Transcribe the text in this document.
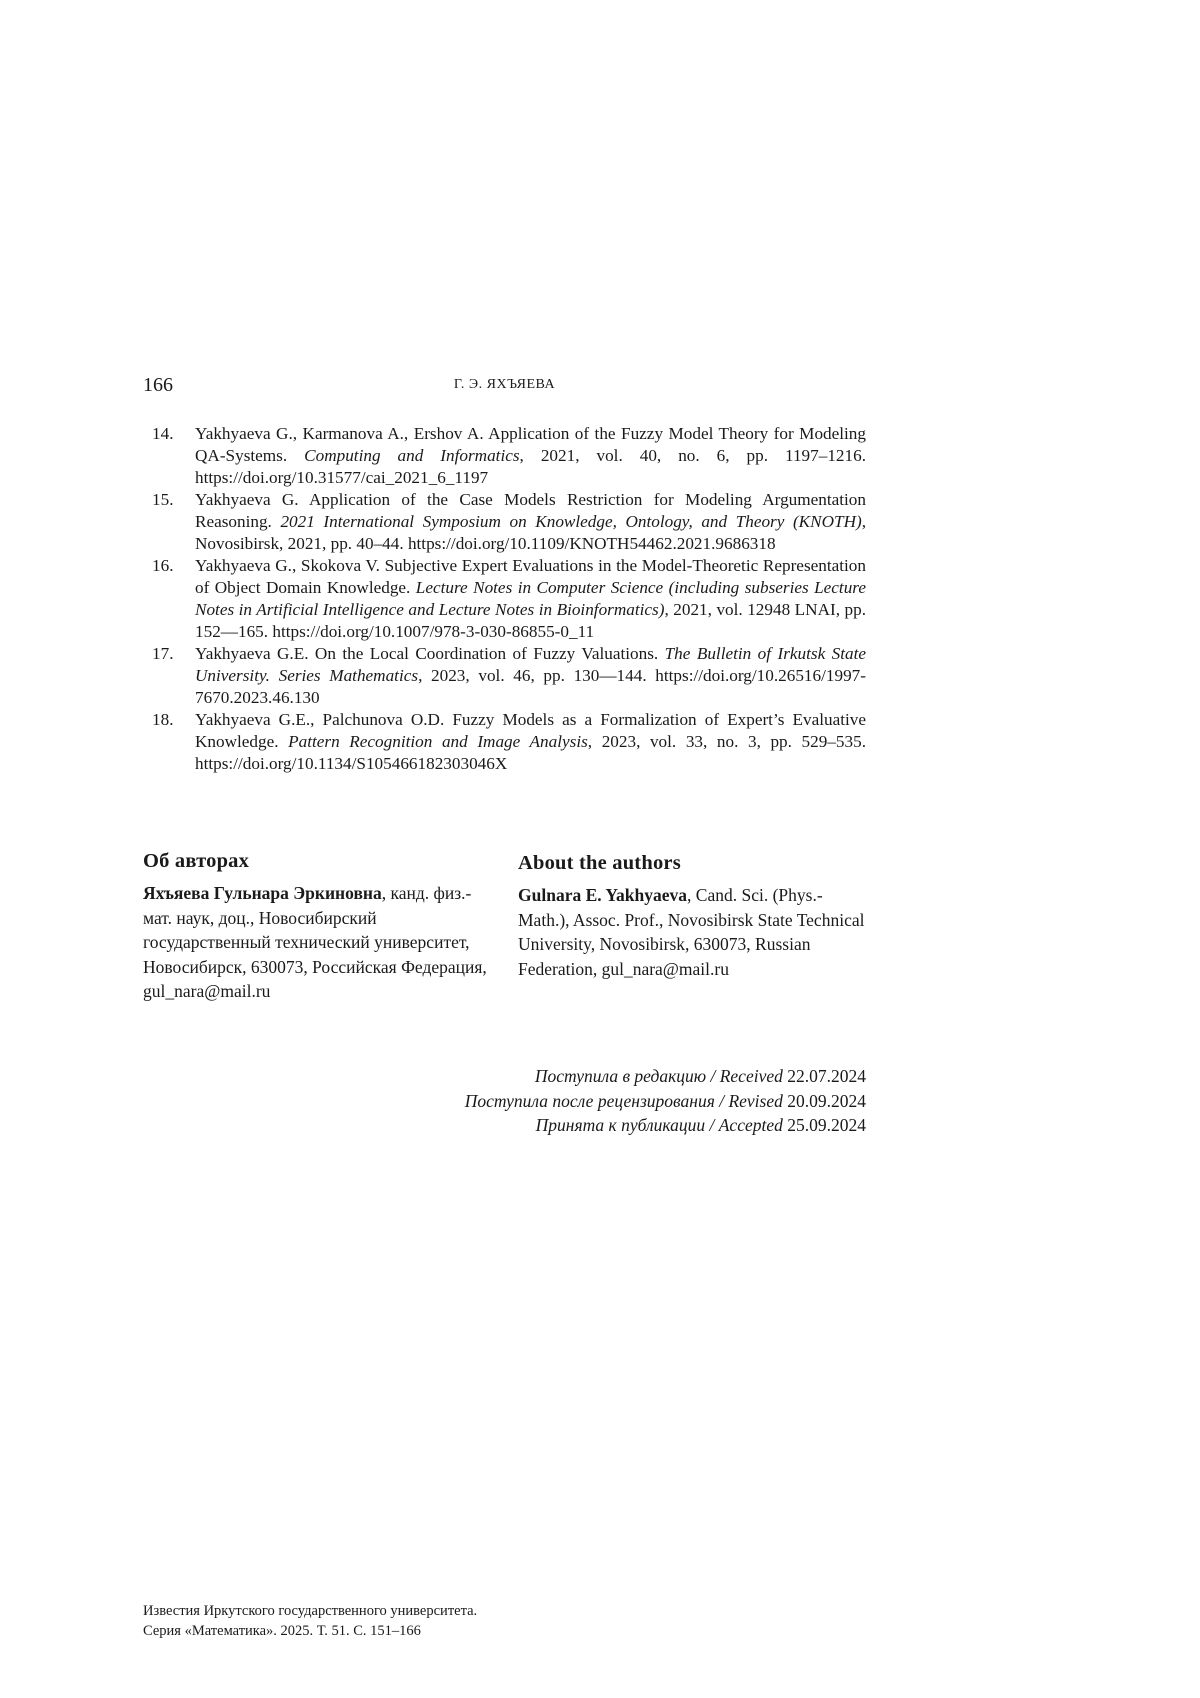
166	Г. Э. ЯХЪЯЕВА
14.	Yakhyaeva G., Karmanova A., Ershov A. Application of the Fuzzy Model Theory for Modeling QA-Systems. Computing and Informatics, 2021, vol. 40, no. 6, pp. 1197–1216. https://doi.org/10.31577/cai_2021_6_1197
15.	Yakhyaeva G. Application of the Case Models Restriction for Modeling Argumentation Reasoning. 2021 International Symposium on Knowledge, Ontology, and Theory (KNOTH), Novosibirsk, 2021, pp. 40–44. https://doi.org/10.1109/KNOTH54462.2021.9686318
16.	Yakhyaeva G., Skokova V. Subjective Expert Evaluations in the Model-Theoretic Representation of Object Domain Knowledge. Lecture Notes in Computer Science (including subseries Lecture Notes in Artificial Intelligence and Lecture Notes in Bioinformatics), 2021, vol. 12948 LNAI, pp. 152—165. https://doi.org/10.1007/978-3-030-86855-0_11
17.	Yakhyaeva G.E. On the Local Coordination of Fuzzy Valuations. The Bulletin of Irkutsk State University. Series Mathematics, 2023, vol. 46, pp. 130—144. https://doi.org/10.26516/1997-7670.2023.46.130
18.	Yakhyaeva G.E., Palchunova O.D. Fuzzy Models as a Formalization of Expert’s Evaluative Knowledge. Pattern Recognition and Image Analysis, 2023, vol. 33, no. 3, pp. 529–535. https://doi.org/10.1134/S105466182303046X
Об авторах

Яхъяева Гульнара Эркиновна, канд. физ.-мат. наук, доц., Новосибирский государственный технический университет, Новосибирск, 630073, Российская Федерация, gul_nara@mail.ru

About the authors

Gulnara E. Yakhyaeva, Cand. Sci. (Phys.-Math.), Assoc. Prof., Novosibirsk State Technical University, Novosibirsk, 630073, Russian Federation, gul_nara@mail.ru

Поступила в редакцию / Received 22.07.2024
Поступила после рецензирования / Revised 20.09.2024
Принята к публикации / Accepted 25.09.2024
Известия Иркутского государственного университета.
Серия «Математика». 2025. Т. 51. С. 151–166
